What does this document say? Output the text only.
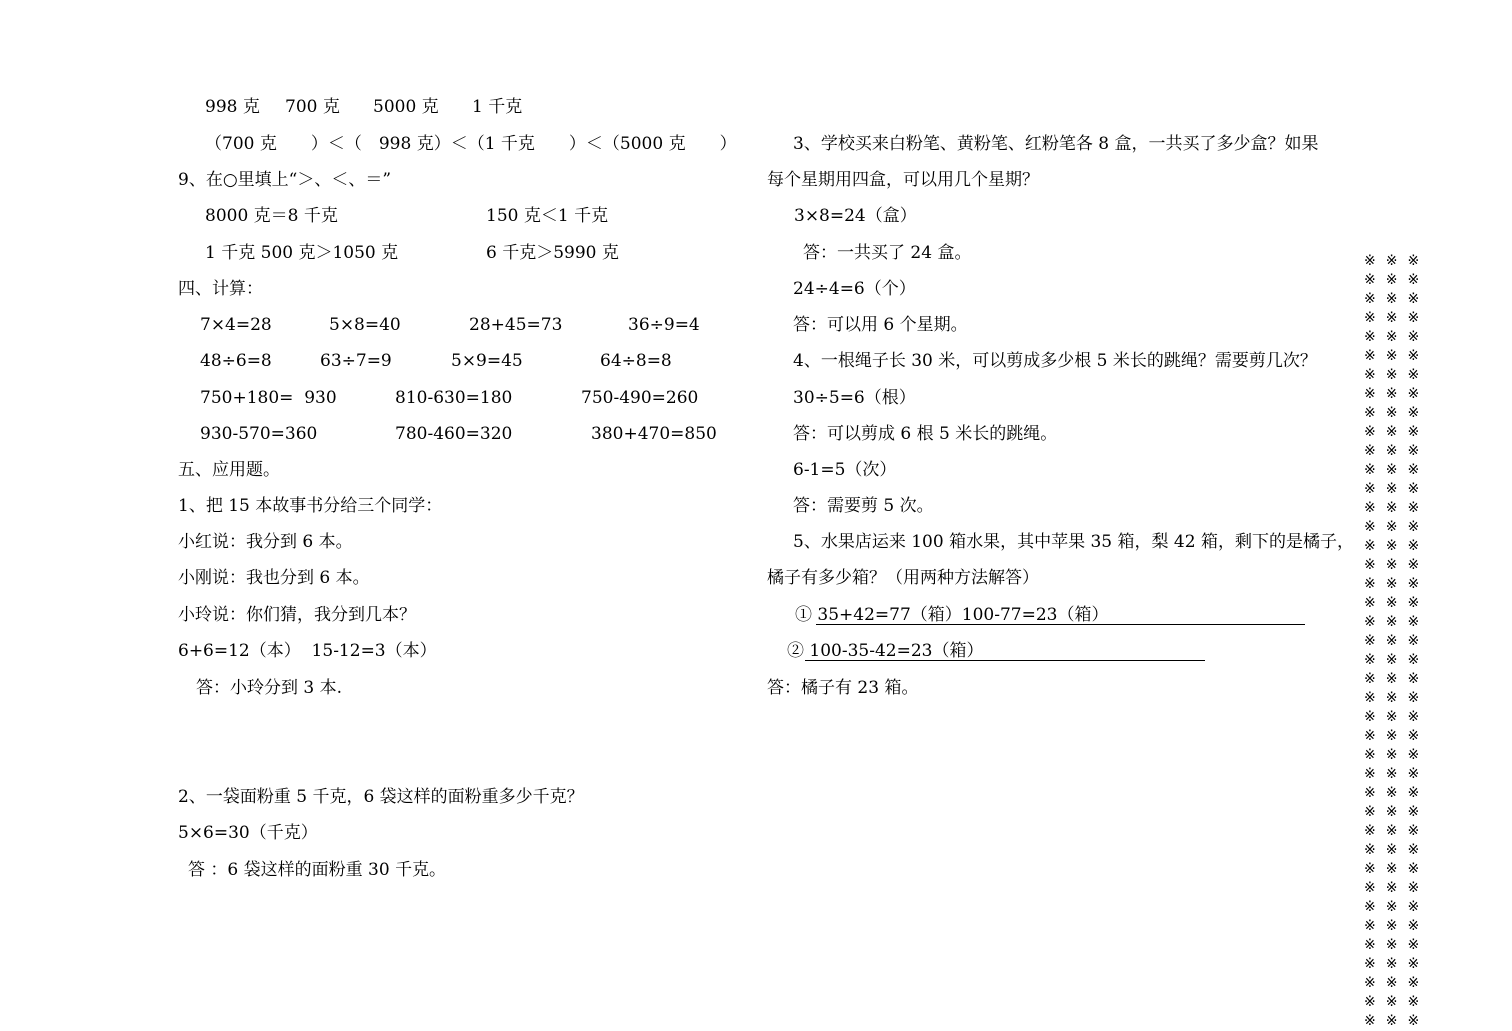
998 克 700 克 5000 克 1 千克
（700 克　　）＜（　998 克）＜（1 千克　　）＜（5000 克　　）
9、在○里填上“＞、＜、＝”
8000 克＝8 千克	150 克＜1 千克
1 千克 500 克＞1050 克	6 千克＞5990 克
四、计算：
7×4=28	5×8=40	28+45=73	36÷9=4
48÷6=8	63÷7=9	5×9=45	64÷8=8
750+180=  930	810-630=180	750-490=260
930-570=360	780-460=320	380+470=850
五、应用题。
1、把 15 本故事书分给三个同学：
小红说：我分到 6 本。
小刚说：我也分到 6 本。
小玲说：你们猜，我分到几本？
6+6=12（本）  15-12=3（本）
答：小玲分到 3 本.
2、一袋面粉重 5 千克，6 袋这样的面粉重多少千克？
5×6=30（千克）
答 ：6 袋这样的面粉重 30 千克。
3、学校买来白粉笔、黄粉笔、红粉笔各 8 盒，一共买了多少盒？如果
每个星期用四盒，可以用几个星期？
3×8=24（盒）
答：一共买了 24 盒。
24÷4=6（个）
答：可以用 6 个星期。
4、一根绳子长 30 米，可以剪成多少根 5 米长的跳绳？需要剪几次？
30÷5=6（根）
答：可以剪成 6 根 5 米长的跳绳。
6-1=5（次）
答：需要剪 5 次。
5、水果店运来 100 箱水果，其中苹果 35 箱，梨 42 箱，剩下的是橘子，
橘子有多少箱？（用两种方法解答）
① 35+42=77（箱）100-77=23（箱）
② 100-35-42=23（箱）
答：橘子有 23 箱。
※※※
※※※
※※※
※※※
※※※
※※※
※※※
※※※
※※※
※※※
※※※
※※※
※※※
※※※
※※※
※※※
※※※
※※※
※※※
※※※
※※※
※※※
※※※
※※※
※※※
※※※
※※※
※※※
※※※
※※※
※※※
※※※
※※※
※※※
※※※
※※※
※※※
※※※
※※※
※※※
※※※
